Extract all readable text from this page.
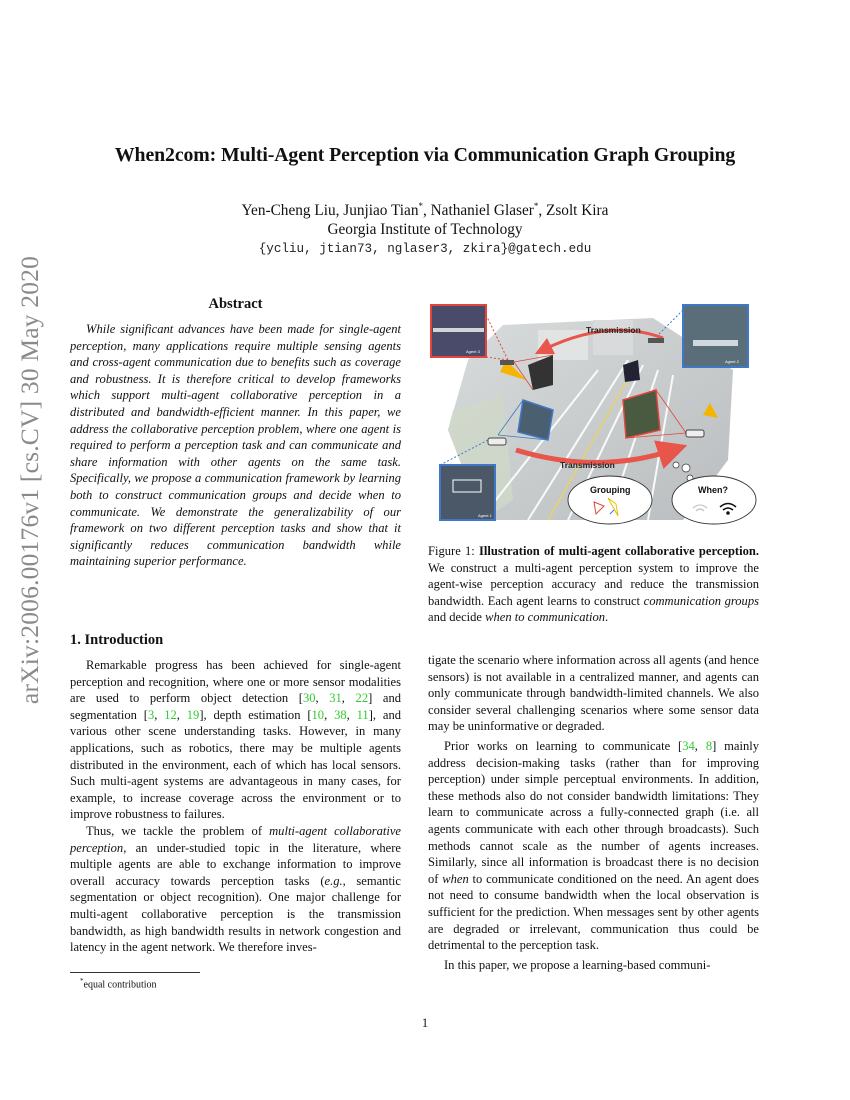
arXiv:2006.00176v1 [cs.CV] 30 May 2020
When2com: Multi-Agent Perception via Communication Graph Grouping
Yen-Cheng Liu, Junjiao Tian*, Nathaniel Glaser*, Zsolt Kira
Georgia Institute of Technology
{ycliu, jtian73, nglaser3, zkira}@gatech.edu
Abstract

While significant advances have been made for single-agent perception, many applications require multiple sensing agents and cross-agent communication due to benefits such as coverage and robustness. It is therefore critical to develop frameworks which support multi-agent collaborative perception in a distributed and bandwidth-efficient manner. In this paper, we address the collaborative perception problem, where one agent is required to perform a perception task and can communicate and share information with other agents on the same task. Specifically, we propose a communication framework by learning both to construct communication groups and decide when to communicate. We demonstrate the generalizability of our framework on two different perception tasks and show that it significantly reduces communication bandwidth while maintaining superior performance.

1. Introduction

Remarkable progress has been achieved for single-agent perception and recognition, where one or more sensor modalities are used to perform object detection [30, 31, 22] and segmentation [3, 12, 19], depth estimation [10, 38, 11], and various other scene understanding tasks. However, in many applications, such as robotics, there may be multiple agents distributed in the environment, each of which has local sensors. Such multi-agent systems are advantageous in many cases, for example, to increase coverage across the environment or to improve robustness to failures.

Thus, we tackle the problem of multi-agent collaborative perception, an under-studied topic in the literature, where multiple agents are able to exchange information to improve overall accuracy towards perception tasks (e.g., semantic segmentation or object recognition). One major challenge for multi-agent collaborative perception is the transmission bandwidth, as high bandwidth results in network congestion and latency in the agent network. We therefore inves-

*equal contribution
Transmission
Transmission
Agent 3
Agent 2
Agent 1
Grouping	When?

Figure 1: Illustration of multi-agent collaborative perception. We construct a multi-agent perception system to improve the agent-wise perception accuracy and reduce the transmission bandwidth. Each agent learns to construct communication groups and decide when to communication.

tigate the scenario where information across all agents (and hence sensors) is not available in a centralized manner, and agents can only communicate through bandwidth-limited channels. We also consider several challenging scenarios where some sensor data may be uninformative or degraded.

Prior works on learning to communicate [34, 8] mainly address decision-making tasks (rather than for improving perception) under simple perceptual environments. In addition, these methods also do not consider bandwidth limitations: They learn to communicate across a fully-connected graph (i.e. all agents communicate with each other through broadcasts). Such methods cannot scale as the number of agents increases. Similarly, since all information is broadcast there is no decision of when to communicate conditioned on the need. An agent does not need to consume bandwidth when the local observation is sufficient for the prediction. When messages sent by other agents are degraded or irrelevant, communication thus could be detrimental to the perception task.

In this paper, we propose a learning-based communi-

1
